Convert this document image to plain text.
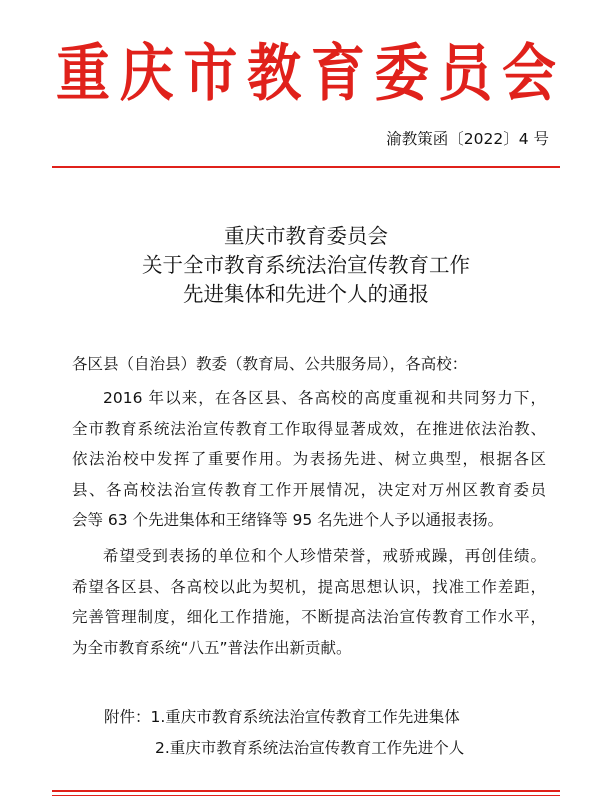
重庆市教育委员会
渝教策函〔2022〕4 号
重庆市教育委员会
关于全市教育系统法治宣传教育工作
先进集体和先进个人的通报
各区县（自治县）教委（教育局、公共服务局），各高校：
2016 年以来，在各区县、各高校的高度重视和共同努力下，
全市教育系统法治宣传教育工作取得显著成效，在推进依法治教、
依法治校中发挥了重要作用。为表扬先进、树立典型，根据各区
县、各高校法治宣传教育工作开展情况，决定对万州区教育委员
会等 63 个先进集体和王绪锋等 95 名先进个人予以通报表扬。
希望受到表扬的单位和个人珍惜荣誉，戒骄戒躁，再创佳绩。
希望各区县、各高校以此为契机，提高思想认识，找准工作差距，
完善管理制度，细化工作措施，不断提高法治宣传教育工作水平，
为全市教育系统“八五”普法作出新贡献。
附件：1.重庆市教育系统法治宣传教育工作先进集体
2.重庆市教育系统法治宣传教育工作先进个人
